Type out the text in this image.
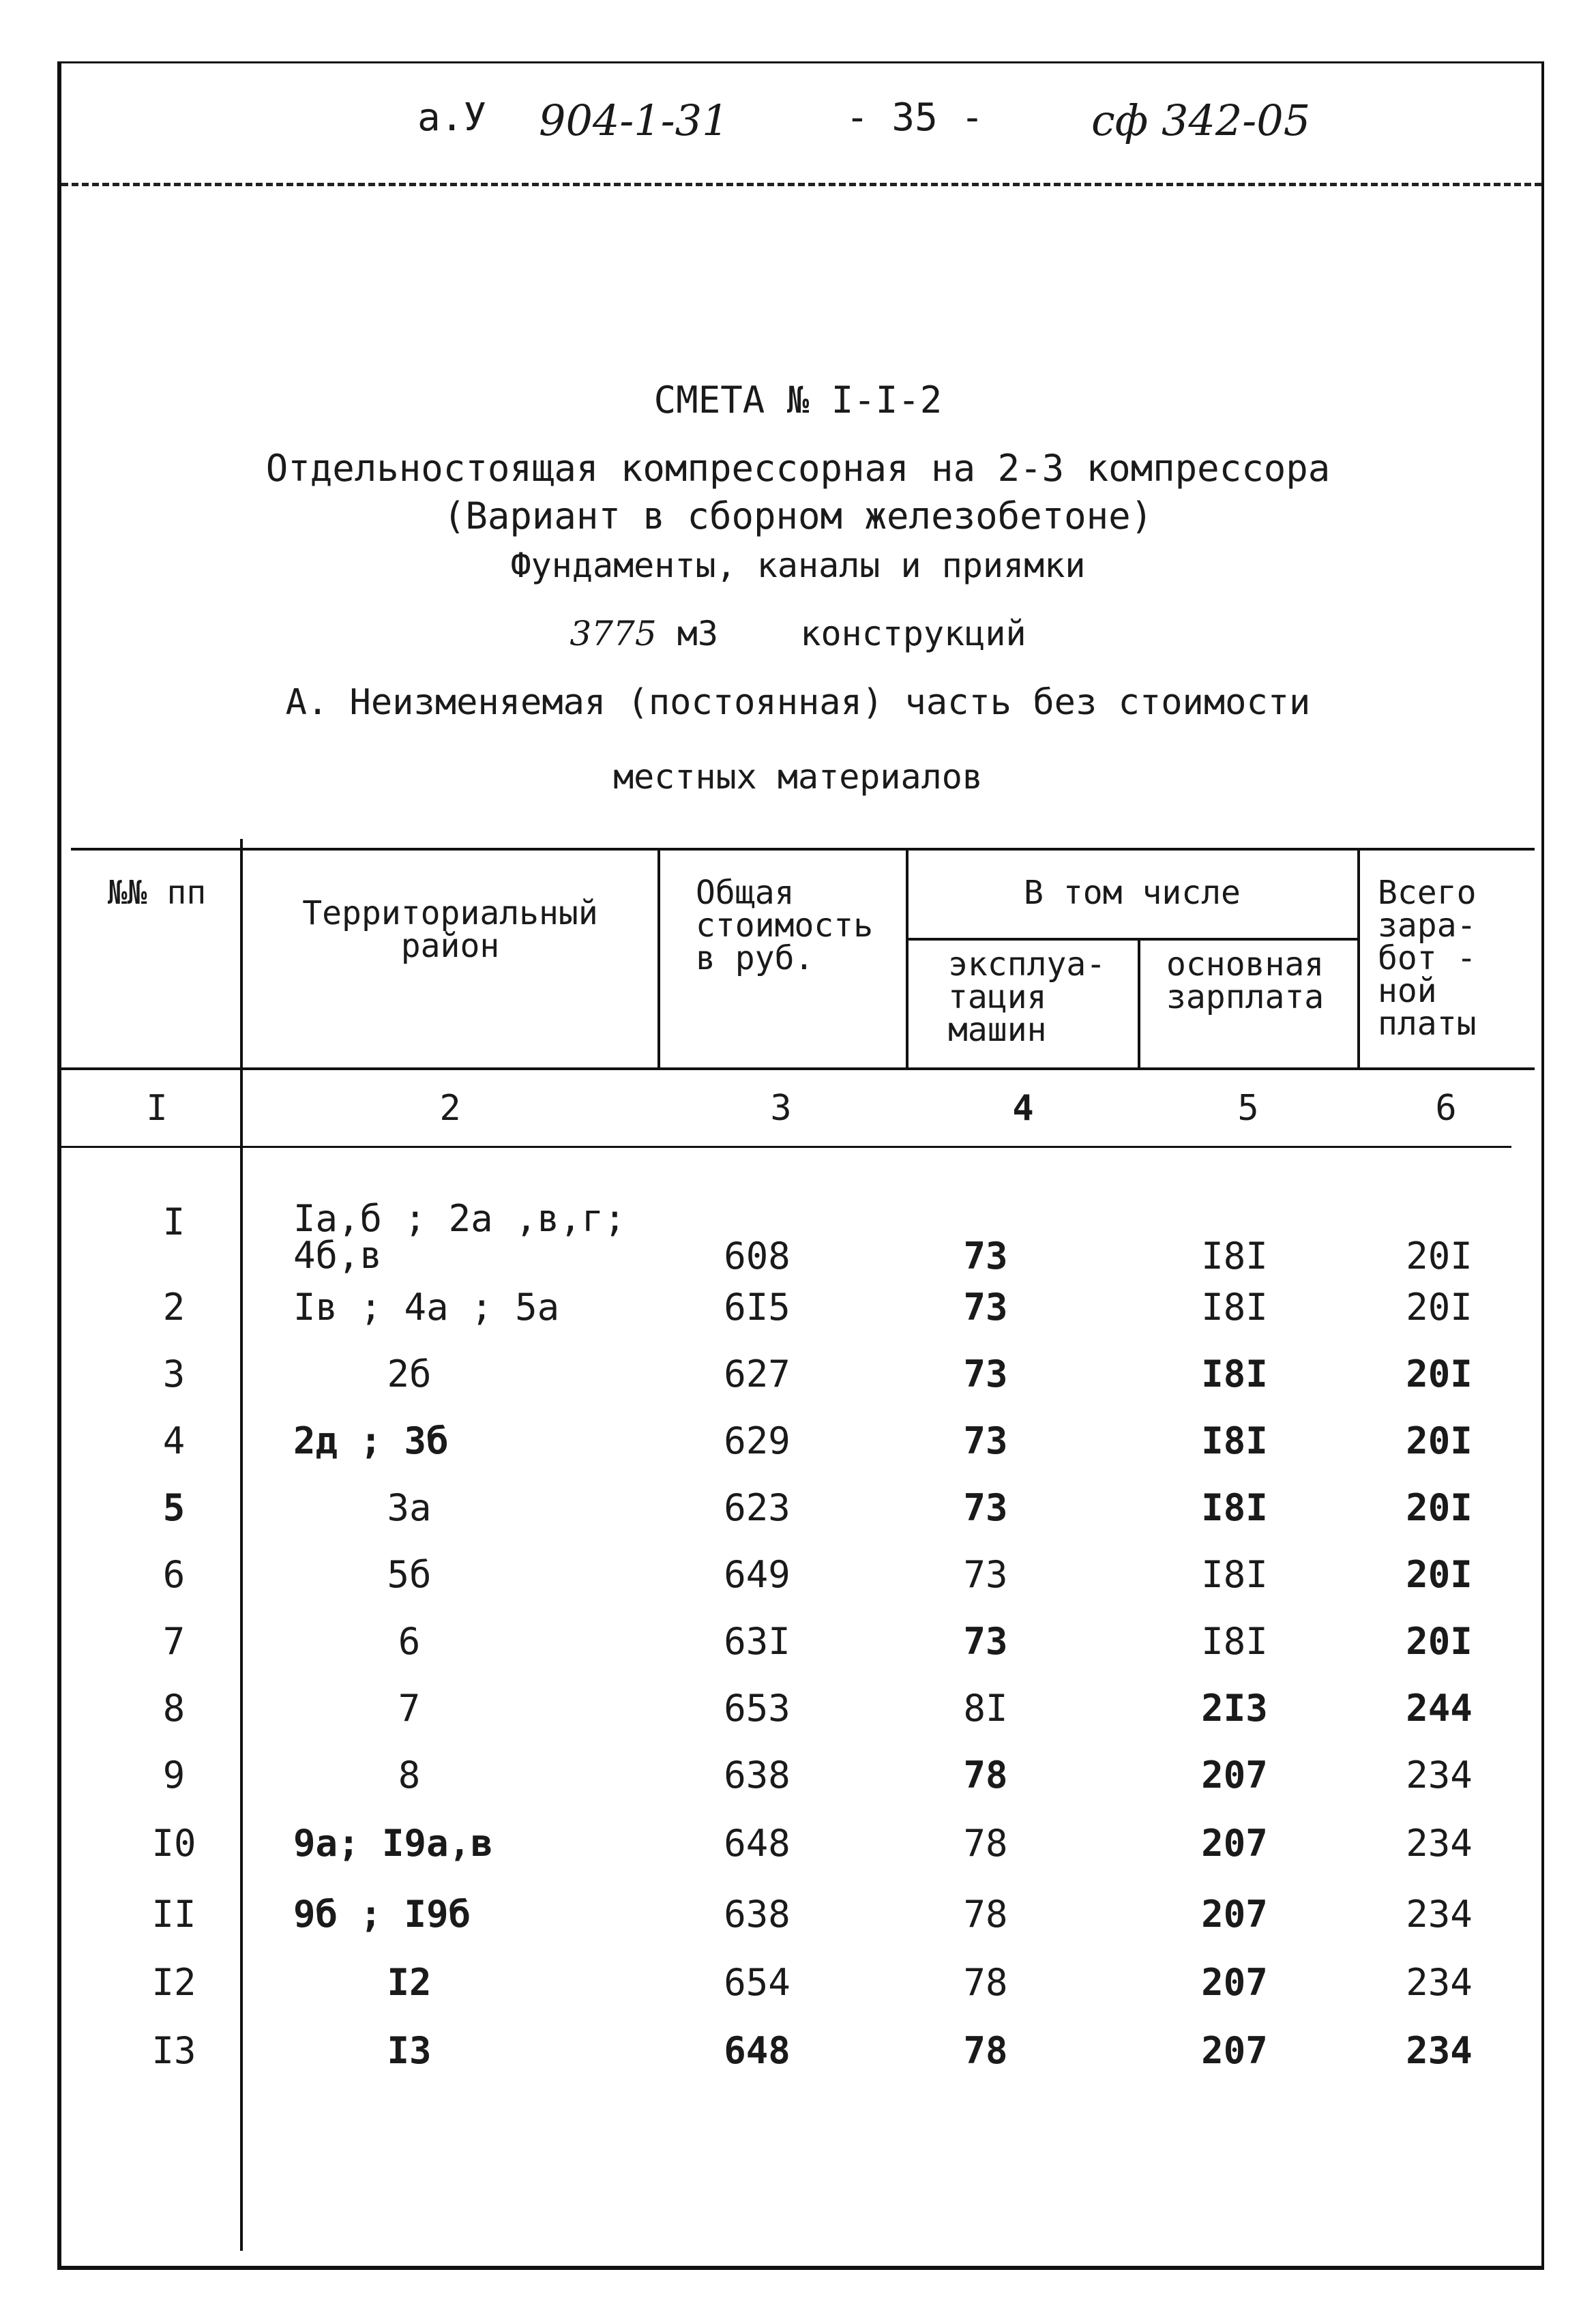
а.У 904-1-31	- 35 -	сф 342-05
СМЕТА № I-I-2
Отдельностоящая компрессорная на 2-3 компрессора
(Вариант в сборном железобетоне)
Фундаменты, каналы и приямки
3775 м3 конструкций
А. Неизменяемая (постоянная) часть без стоимости
местных материалов
№№ пп
Территориальный район
Общая стоимость в руб.
В том числе
эксплуа- тация машин
основная зарплата
Всего зара- бот - ной платы
I	2	3	4	5	6
I	Iа,б ; 2а ,в,г; 4б,в	608	73	I8I	20I
2	Iв ; 4а ; 5а	6I5	73	I8I	20I
3	2б	627	73	I8I	20I
4	2д ; 3б	629	73	I8I	20I
5	3а	623	73	I8I	20I
6	5б	649	73	I8I	20I
7	6	63I	73	I8I	20I
8	7	653	8I	2I3	244
9	8	638	78	207	234
I0	9а; I9а,в	648	78	207	234
II	9б ; I9б	638	78	207	234
I2	I2	654	78	207	234
I3	I3	648	78	207	234
